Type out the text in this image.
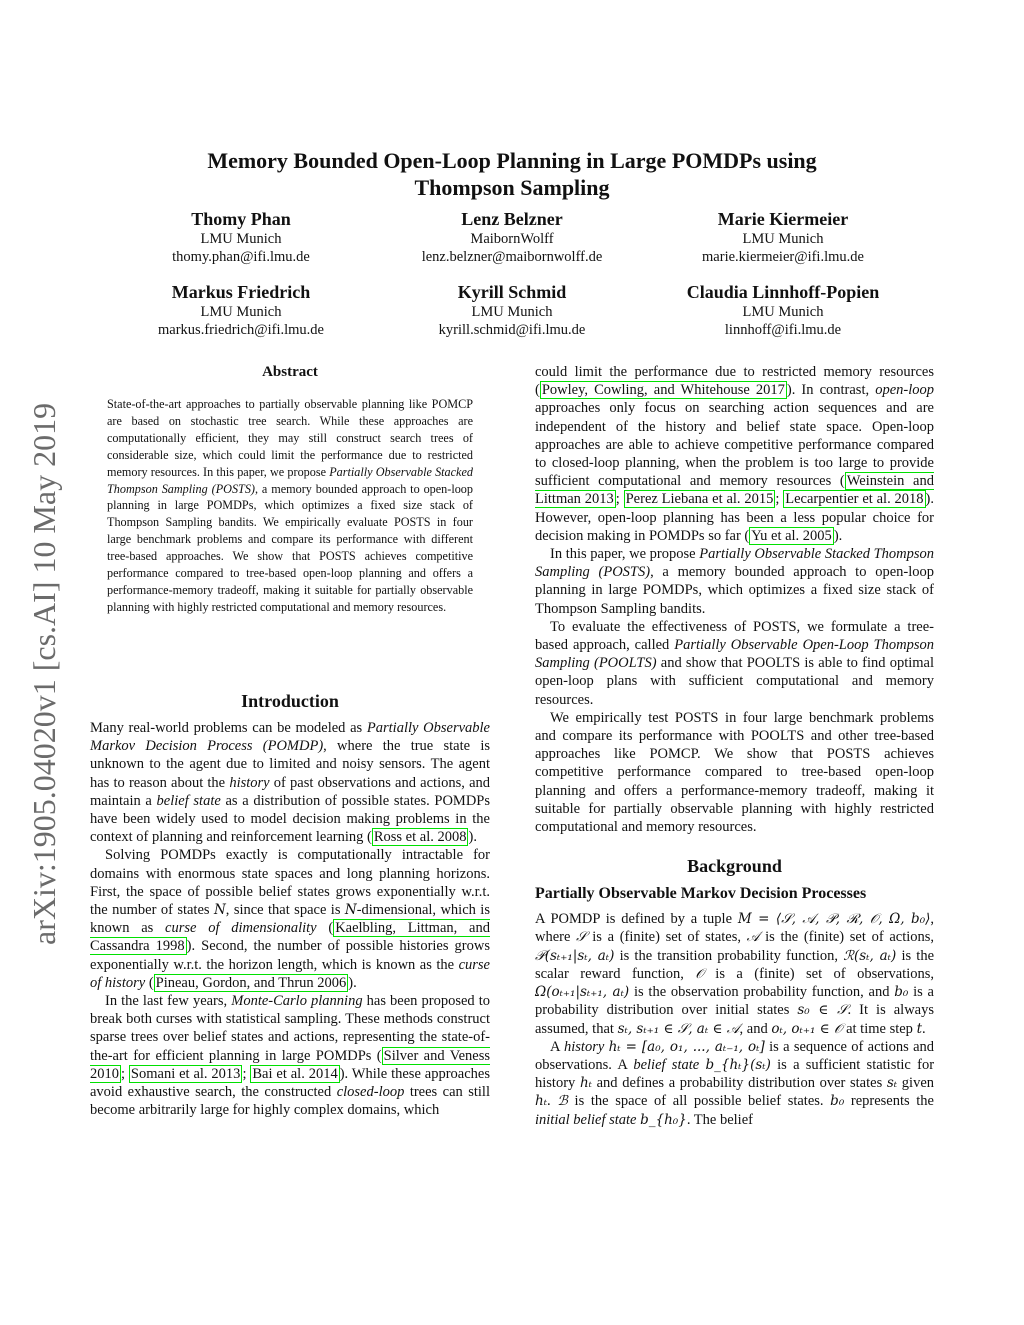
arXiv:1905.04020v1 [cs.AI] 10 May 2019
Memory Bounded Open-Loop Planning in Large POMDPs using
Thompson Sampling
Thomy Phan
LMU Munich
thomy.phan@ifi.lmu.de
Lenz Belzner
MaibornWolff
lenz.belzner@maibornwolff.de
Marie Kiermeier
LMU Munich
marie.kiermeier@ifi.lmu.de
Markus Friedrich
LMU Munich
markus.friedrich@ifi.lmu.de
Kyrill Schmid
LMU Munich
kyrill.schmid@ifi.lmu.de
Claudia Linnhoff-Popien
LMU Munich
linnhoff@ifi.lmu.de
Abstract
State-of-the-art approaches to partially observable planning like POMCP are based on stochastic tree search. While these approaches are computationally efficient, they may still construct search trees of considerable size, which could limit the performance due to restricted memory resources. In this paper, we propose Partially Observable Stacked Thompson Sampling (POSTS), a memory bounded approach to open-loop planning in large POMDPs, which optimizes a fixed size stack of Thompson Sampling bandits. We empirically evaluate POSTS in four large benchmark problems and compare its performance with different tree-based approaches. We show that POSTS achieves competitive performance compared to tree-based open-loop planning and offers a performance-memory tradeoff, making it suitable for partially observable planning with highly restricted computational and memory resources.
Introduction

Many real-world problems can be modeled as Partially Observable Markov Decision Process (POMDP), where the true state is unknown to the agent due to limited and noisy sensors. The agent has to reason about the history of past observations and actions, and maintain a belief state as a distribution of possible states. POMDPs have been widely used to model decision making problems in the context of planning and reinforcement learning ( Ross et al. 2008 ).

Solving POMDPs exactly is computationally intractable for domains with enormous state spaces and long planning horizons. First, the space of possible belief states grows exponentially w.r.t. the number of states N, since that space is N-dimensional, which is known as curse of dimensionality ( Kaelbling, Littman, and Cassandra 1998 ). Second, the number of possible histories grows exponentially w.r.t. the horizon length, which is known as the curse of history ( Pineau, Gordon, and Thrun 2006 ).

In the last few years, Monte-Carlo planning has been proposed to break both curses with statistical sampling. These methods construct sparse trees over belief states and actions, representing the state-of-the-art for efficient planning in large POMDPs ( Silver and Veness 2010 ; Somani et al. 2013 ; Bai et al. 2014 ). While these approaches avoid exhaustive search, the constructed closed-loop trees can still become arbitrarily large for highly complex domains, which

could limit the performance due to restricted memory resources ( Powley, Cowling, and Whitehouse 2017 ). In contrast, open-loop approaches only focus on searching action sequences and are independent of the history and belief state space. Open-loop approaches are able to achieve competitive performance compared to closed-loop planning, when the problem is too large to provide sufficient computational and memory resources ( Weinstein and Littman 2013 ; Perez Liebana et al. 2015 ; Lecarpentier et al. 2018 ). However, open-loop planning has been a less popular choice for decision making in POMDPs so far ( Yu et al. 2005 ).

In this paper, we propose Partially Observable Stacked Thompson Sampling (POSTS), a memory bounded approach to open-loop planning in large POMDPs, which optimizes a fixed size stack of Thompson Sampling bandits.

To evaluate the effectiveness of POSTS, we formulate a tree-based approach, called Partially Observable Open-Loop Thompson Sampling (POOLTS) and show that POOLTS is able to find optimal open-loop plans with sufficient computational and memory resources.

We empirically test POSTS in four large benchmark problems and compare its performance with POOLTS and other tree-based approaches like POMCP. We show that POSTS achieves competitive performance compared to tree-based open-loop planning and offers a performance-memory tradeoff, making it suitable for partially observable planning with highly restricted computational and memory resources.

Background
Partially Observable Markov Decision Processes

A POMDP is defined by a tuple M = ⟨𝒮, 𝒜, 𝒫, ℛ, 𝒪, Ω, b₀⟩, where 𝒮 is a (finite) set of states, 𝒜 is the (finite) set of actions, 𝒫(sₜ₊₁|sₜ, aₜ) is the transition probability function, ℛ(sₜ, aₜ) is the scalar reward function, 𝒪 is a (finite) set of observations, Ω(oₜ₊₁|sₜ₊₁, aₜ) is the observation probability function, and b₀ is a probability distribution over initial states s₀ ∈ 𝒮. It is always assumed, that sₜ, sₜ₊₁ ∈ 𝒮, aₜ ∈ 𝒜, and oₜ, oₜ₊₁ ∈ 𝒪 at time step t.

A history hₜ = [a₀, o₁, ..., aₜ₋₁, oₜ] is a sequence of actions and observations. A belief state b_{hₜ}(sₜ) is a sufficient statistic for history hₜ and defines a probability distribution over states sₜ given hₜ. ℬ is the space of all possible belief states. b₀ represents the initial belief state b_{h₀}. The belief
